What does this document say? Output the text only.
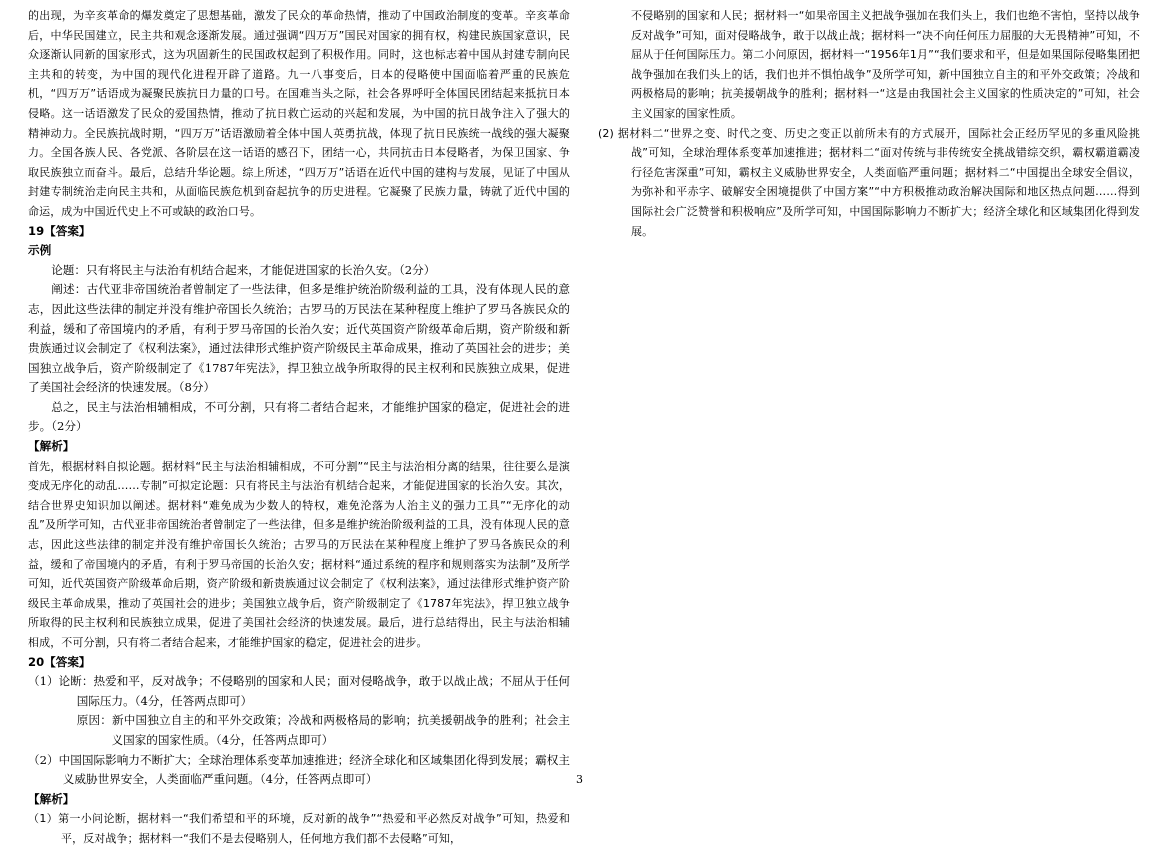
的出现，为辛亥革命的爆发奠定了思想基础，激发了民众的革命热情，推动了中国政治制度的变革。辛亥革命后，中华民国建立，民主共和观念逐渐发展。通过强调“四万万”国民对国家的拥有权，构建民族国家意识，民众逐渐认同新的国家形式，这为巩固新生的民国政权起到了积极作用。同时，这也标志着中国从封建专制向民主共和的转变，为中国的现代化进程开辟了道路。九一八事变后，日本的侵略使中国面临着严重的民族危机，“四万万”话语成为凝聚民族抗日力量的口号。在国难当头之际，社会各界呼吁全体国民团结起来抵抗日本侵略。这一话语激发了民众的爱国热情，推动了抗日救亡运动的兴起和发展，为中国的抗日战争注入了强大的精神动力。全民族抗战时期，“四万万”话语激励着全体中国人英勇抗战，体现了抗日民族统一战线的强大凝聚力。全国各族人民、各党派、各阶层在这一话语的感召下，团结一心，共同抗击日本侵略者，为保卫国家、争取民族独立而奋斗。最后，总结升华论题。综上所述，“四万万”话语在近代中国的建构与发展，见证了中国从封建专制统治走向民主共和，从面临民族危机到奋起抗争的历史进程。它凝聚了民族力量，铸就了近代中国的命运，成为中国近代史上不可或缺的政治口号。

19【答案】

示例

论题：只有将民主与法治有机结合起来，才能促进国家的长治久安。（2分）

阐述：古代亚非帝国统治者曾制定了一些法律，但多是维护统治阶级利益的工具，没有体现人民的意志，因此这些法律的制定并没有维护帝国长久统治；古罗马的万民法在某种程度上维护了罗马各族民众的利益，缓和了帝国境内的矛盾，有利于罗马帝国的长治久安；近代英国资产阶级革命后期，资产阶级和新贵族通过议会制定了《权利法案》，通过法律形式维护资产阶级民主革命成果，推动了英国社会的进步；美国独立战争后，资产阶级制定了《1787年宪法》，捍卫独立战争所取得的民主权利和民族独立成果，促进了美国社会经济的快速发展。（8分）

总之，民主与法治相辅相成，不可分割，只有将二者结合起来，才能维护国家的稳定，促进社会的进步。（2分）

【解析】

首先，根据材料自拟论题。据材料“民主与法治相辅相成，不可分割”“民主与法治相分离的结果，往往要么是演变成无序化的动乱……专制”可拟定论题：只有将民主与法治有机结合起来，才能促进国家的长治久安。其次，结合世界史知识加以阐述。据材料“难免成为少数人的特权，难免沦落为人治主义的强力工具”“无序化的动乱”及所学可知，古代亚非帝国统治者曾制定了一些法律，但多是维护统治阶级利益的工具，没有体现人民的意志，因此这些法律的制定并没有维护帝国长久统治；古罗马的万民法在某种程度上维护了罗马各族民众的利益，缓和了帝国境内的矛盾，有利于罗马帝国的长治久安；据材料“通过系统的程序和规则落实为法制”及所学可知，近代英国资产阶级革命后期，资产阶级和新贵族通过议会制定了《权利法案》，通过法律形式维护资产阶级民主革命成果，推动了英国社会的进步；美国独立战争后，资产阶级制定了《1787年宪法》，捍卫独立战争所取得的民主权利和民族独立成果，促进了美国社会经济的快速发展。最后，进行总结得出，民主与法治相辅相成，不可分割，只有将二者结合起来，才能维护国家的稳定，促进社会的进步。

20【答案】

（1）论断：热爱和平，反对战争；不侵略别的国家和人民；面对侵略战争，敢于以战止战；不屈从于任何国际压力。（4分，任答两点即可）

原因：新中国独立自主的和平外交政策；冷战和两极格局的影响；抗美援朝战争的胜利；社会主义国家的国家性质。（4分，任答两点即可）

（2）中国国际影响力不断扩大；全球治理体系变革加速推进；经济全球化和区域集团化得到发展；霸权主义威胁世界安全，人类面临严重问题。（4分，任答两点即可）

【解析】

（1）第一小问论断，据材料一“我们希望和平的环境，反对新的战争”“热爱和平必然反对战争”可知，热爱和平，反对战争；据材料一“我们不是去侵略别人，任何地方我们都不去侵略”可知，

不侵略别的国家和人民；据材料一“如果帝国主义把战争强加在我们头上，我们也绝不害怕，坚持以战争反对战争”可知，面对侵略战争，敢于以战止战；据材料一“决不向任何压力屈服的大无畏精神”可知，不屈从于任何国际压力。第二小问原因，据材料一“1956年1月”“我们要求和平，但是如果国际侵略集团把战争强加在我们头上的话，我们也并不惧怕战争”及所学可知，新中国独立自主的和平外交政策；冷战和两极格局的影响；抗美援朝战争的胜利；据材料一“这是由我国社会主义国家的性质决定的”可知，社会主义国家的国家性质。

(2) 据材料二“世界之变、时代之变、历史之变正以前所未有的方式展开，国际社会正经历罕见的多重风险挑战”可知，全球治理体系变革加速推进；据材料二“面对传统与非传统安全挑战错综交织，霸权霸道霸凌行径危害深重”可知，霸权主义威胁世界安全，人类面临严重问题；据材料二“中国提出全球安全倡议，为弥补和平赤字、破解安全困境提供了中国方案”“中方积极推动政治解决国际和地区热点问题……得到国际社会广泛赞誉和积极响应”及所学可知，中国国际影响力不断扩大；经济全球化和区域集团化得到发展。

3
